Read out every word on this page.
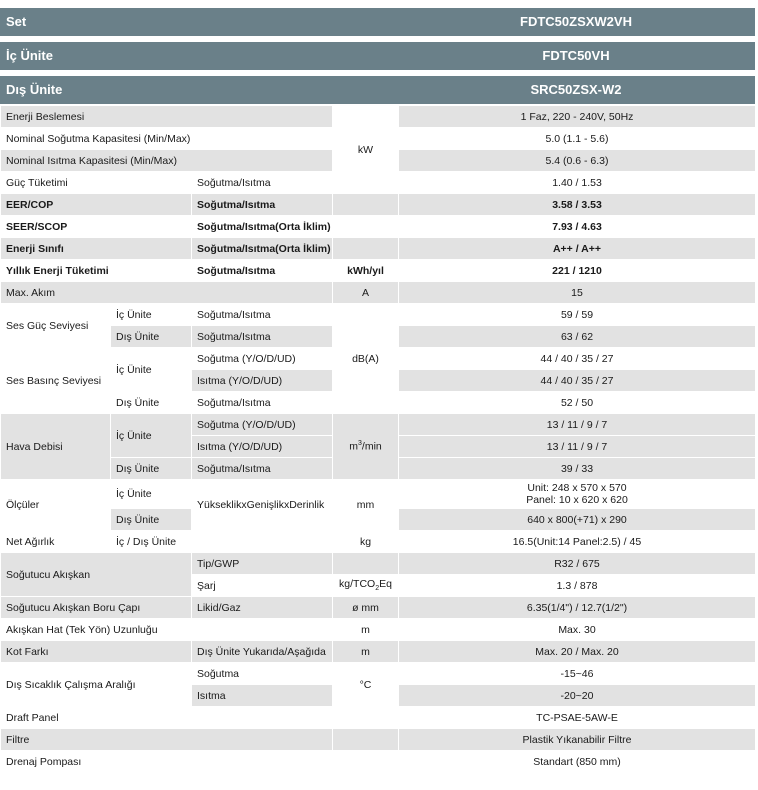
Set	FDTC50ZSXW2VH
İç Ünite	FDTC50VH
Dış Ünite	SRC50ZSX-W2
Enerji Beslemesi			kW	1 Faz, 220 - 240V, 50Hz
Nominal Soğutma Kapasitesi (Min/Max)				5.0 (1.1 - 5.6)
Nominal Isıtma Kapasitesi (Min/Max)				5.4 (0.6 - 6.3)
Güç Tüketimi		Soğutma/Isıtma		1.40 / 1.53
EER/COP		Soğutma/Isıtma		3.58 / 3.53
SEER/SCOP		Soğutma/Isıtma(Orta İklim)		7.93 / 4.63
Enerji Sınıfı		Soğutma/Isıtma(Orta İklim)		A++ / A++
Yıllık Enerji Tüketimi		Soğutma/Isıtma	kWh/yıl	221 / 1210
Max. Akım			A	15
Ses Güç Seviyesi	İç Ünite	Soğutma/Isıtma	dB(A)	59 / 59
	Dış Ünite	Soğutma/Isıtma		63 / 62
Ses Basınç Seviyesi	İç Ünite	Soğutma (Y/O/D/UD)		44 / 40 / 35 / 27
		Isıtma (Y/O/D/UD)		44 / 40 / 35 / 27
	Dış Ünite	Soğutma/Isıtma		52 / 50
Hava Debisi	İç Ünite	Soğutma (Y/O/D/UD)	$m^3/\min$	13 / 11 / 9 / 7
		Isıtma (Y/O/D/UD)		13 / 11 / 9 / 7
	Dış Ünite	Soğutma/Isıtma		39 / 33
Ölçüler	İç Ünite	YükseklikxGenişlikxDerinlik	mm	Unit: 248 x 570 x 570
Panel: 10 x 620 x 620

	Dış Ünite			640 x 800(+71) x 290
Net Ağırlık	İç / Dış Ünite		kg	16.5(Unit:14 Panel:2.5) / 45
Soğutucu Akışkan		Tip/GWP		R32 / 675
		Şarj	$kg/TCO_2Eq$	1.3 / 878
Soğutucu Akışkan Boru Çapı		Likid/Gaz	ø mm	6.35(1/4") / 12.7(1/2")
Akışkan Hat (Tek Yön) Uzunluğu			m	Max. 30
Kot Farkı		Dış Ünite Yukarıda/Aşağıda	m	Max. 20 / Max. 20
Dış Sıcaklık Çalışma Aralığı		Soğutma	°C	-15~46
		Isıtma		-20~20
Draft Panel				TC-PSAE-5AW-E
Filtre				Plastik Yıkanabilir Filtre
Drenaj Pompası				Standart (850 mm)
